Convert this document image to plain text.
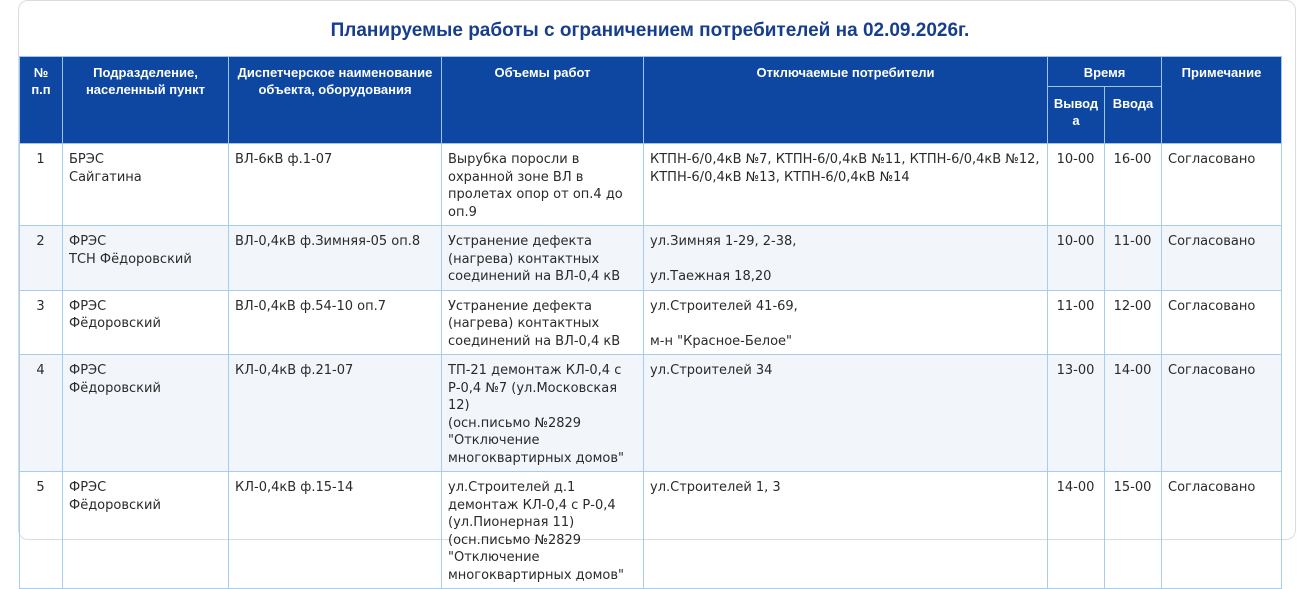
Планируемые работы с ограничением потребителей на 02.09.2026г.
№ п.п	Подразделение, населенный пункт	Диспетчерское наименование объекта, оборудования	Объемы работ	Отключаемые потребители	Время		Примечание
					Вывод а	Ввода	
1	БРЭС
Сайгатина	ВЛ-6кВ ф.1-07	Вырубка поросли в охранной зоне ВЛ в пролетах опор от оп.4 до оп.9	КТПН-6/0,4кВ №7, КТПН-6/0,4кВ №11, КТПН-6/0,4кВ №12, КТПН-6/0,4кВ №13, КТПН-6/0,4кВ №14	10-00	16-00	Согласовано
2	ФРЭС
ТСН Фёдоровский	ВЛ-0,4кВ ф.Зимняя-05 оп.8	Устранение дефекта (нагрева) контактных соединений на ВЛ-0,4 кВ	ул.Зимняя 1-29, 2-38,

ул.Таежная 18,20	10-00	11-00	Согласовано
3	ФРЭС
Фёдоровский	ВЛ-0,4кВ ф.54-10 оп.7	Устранение дефекта (нагрева) контактных соединений на ВЛ-0,4 кВ	ул.Строителей 41-69,

м-н "Красное-Белое"	11-00	12-00	Согласовано
4	ФРЭС
Фёдоровский	КЛ-0,4кВ ф.21-07	ТП-21 демонтаж КЛ-0,4 с Р-0,4 №7 (ул.Московская 12)
(осн.письмо №2829 "Отключение многоквартирных домов"	ул.Строителей 34	13-00	14-00	Согласовано
5	ФРЭС
Фёдоровский	КЛ-0,4кВ ф.15-14	ул.Строителей д.1 демонтаж КЛ-0,4 с Р-0,4 (ул.Пионерная 11)
(осн.письмо №2829
"Отключение многоквартирных домов"	ул.Строителей 1, 3	14-00	15-00	Согласовано
